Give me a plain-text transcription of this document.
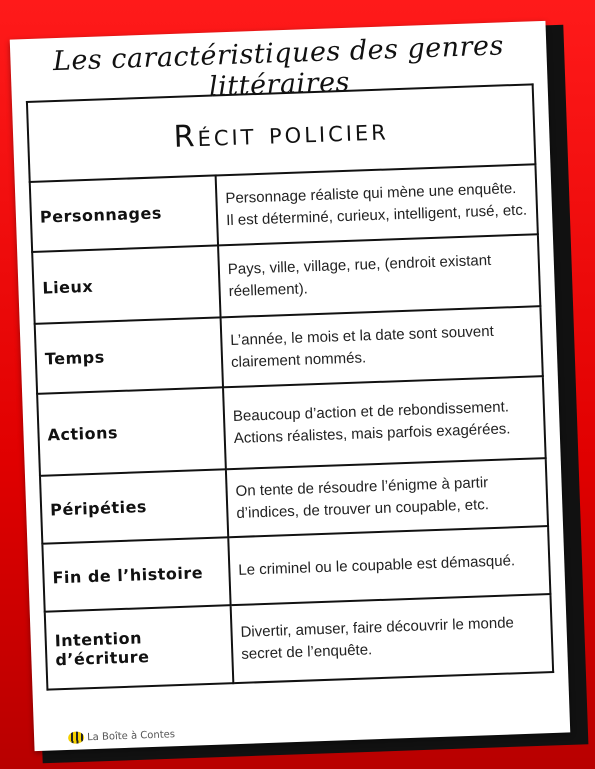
Les caractéristiques des genres littéraires
Récit policier	
Personnages	Personnage réaliste qui mène une enquête. Il est déterminé, curieux, intelligent, rusé, etc.
Lieux	Pays, ville, village, rue, (endroit existant réellement).
Temps	L’année, le mois et la date sont souvent clairement nommés.
Actions	Beaucoup d’action et de rebondissement. Actions réalistes, mais parfois exagérées.
Péripéties	On tente de résoudre l’énigme à partir d’indices, de trouver un coupable, etc.
Fin de l’histoire	Le criminel ou le coupable est démasqué.
Intention d’écriture	Divertir, amuser, faire découvrir le monde secret de l’enquête.
La Boîte à Contes
